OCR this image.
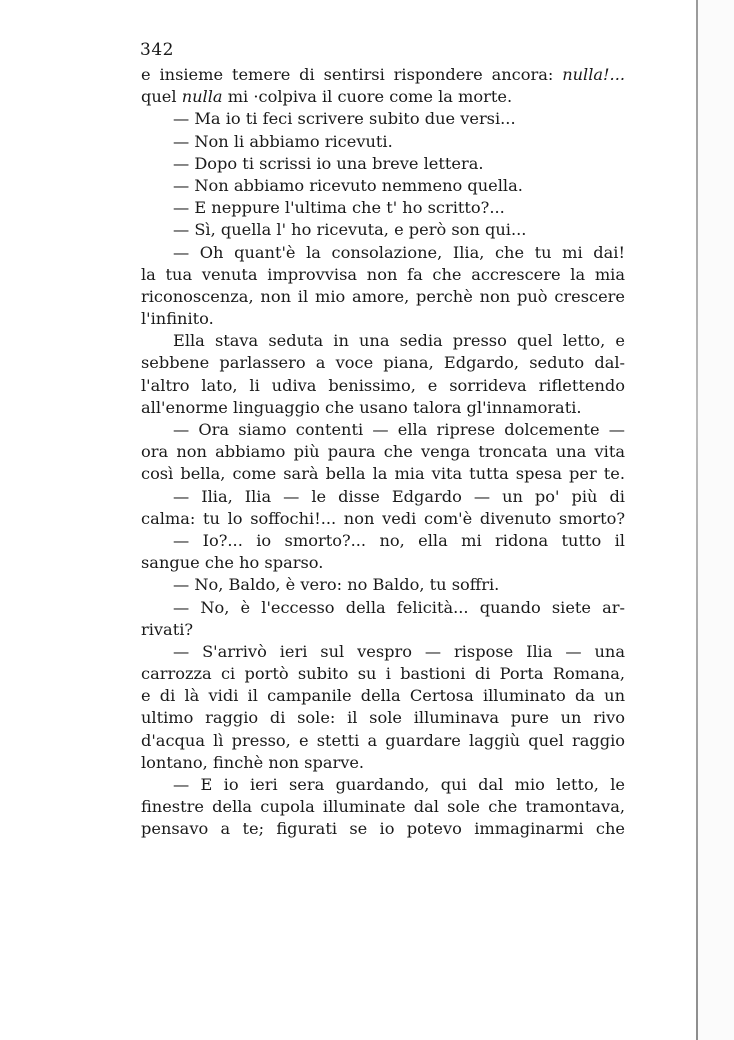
342
e insieme temere di sentirsi rispondere ancora: nulla!...
quel nulla mi ·colpiva il cuore come la morte.
— Ma io ti feci scrivere subito due versi...
— Non li abbiamo ricevuti.
— Dopo ti scrissi io una breve lettera.
— Non abbiamo ricevuto nemmeno quella.
— E neppure l'ultima che t' ho scritto?...
— Sì, quella l' ho ricevuta, e però son qui...
— Oh quant'è la consolazione, Ilia, che tu mi dai!
la tua venuta improvvisa non fa che accrescere la mia
riconoscenza, non il mio amore, perchè non può crescere
l'infinito.
Ella stava seduta in una sedia presso quel letto, e
sebbene parlassero a voce piana, Edgardo, seduto dal-
l'altro lato, li udiva benissimo, e sorrideva riflettendo
all'enorme linguaggio che usano talora gl'innamorati.
— Ora siamo contenti — ella riprese dolcemente —
ora non abbiamo più paura che venga troncata una vita
così bella, come sarà bella la mia vita tutta spesa per te.
— Ilia, Ilia — le disse Edgardo — un po' più di
calma: tu lo soffochi!... non vedi com'è divenuto smorto?
— Io?... io smorto?... no, ella mi ridona tutto il
sangue che ho sparso.
— No, Baldo, è vero: no Baldo, tu soffri.
— No, è l'eccesso della felicità... quando siete ar-
rivati?
— S'arrivò ieri sul vespro — rispose Ilia — una
carrozza ci portò subito su i bastioni di Porta Romana,
e di là vidi il campanile della Certosa illuminato da un
ultimo raggio di sole: il sole illuminava pure un rivo
d'acqua lì presso, e stetti a guardare laggiù quel raggio
lontano, finchè non sparve.
— E io ieri sera guardando, qui dal mio letto, le
finestre della cupola illuminate dal sole che tramontava,
pensavo a te; figurati se io potevo immaginarmi che
